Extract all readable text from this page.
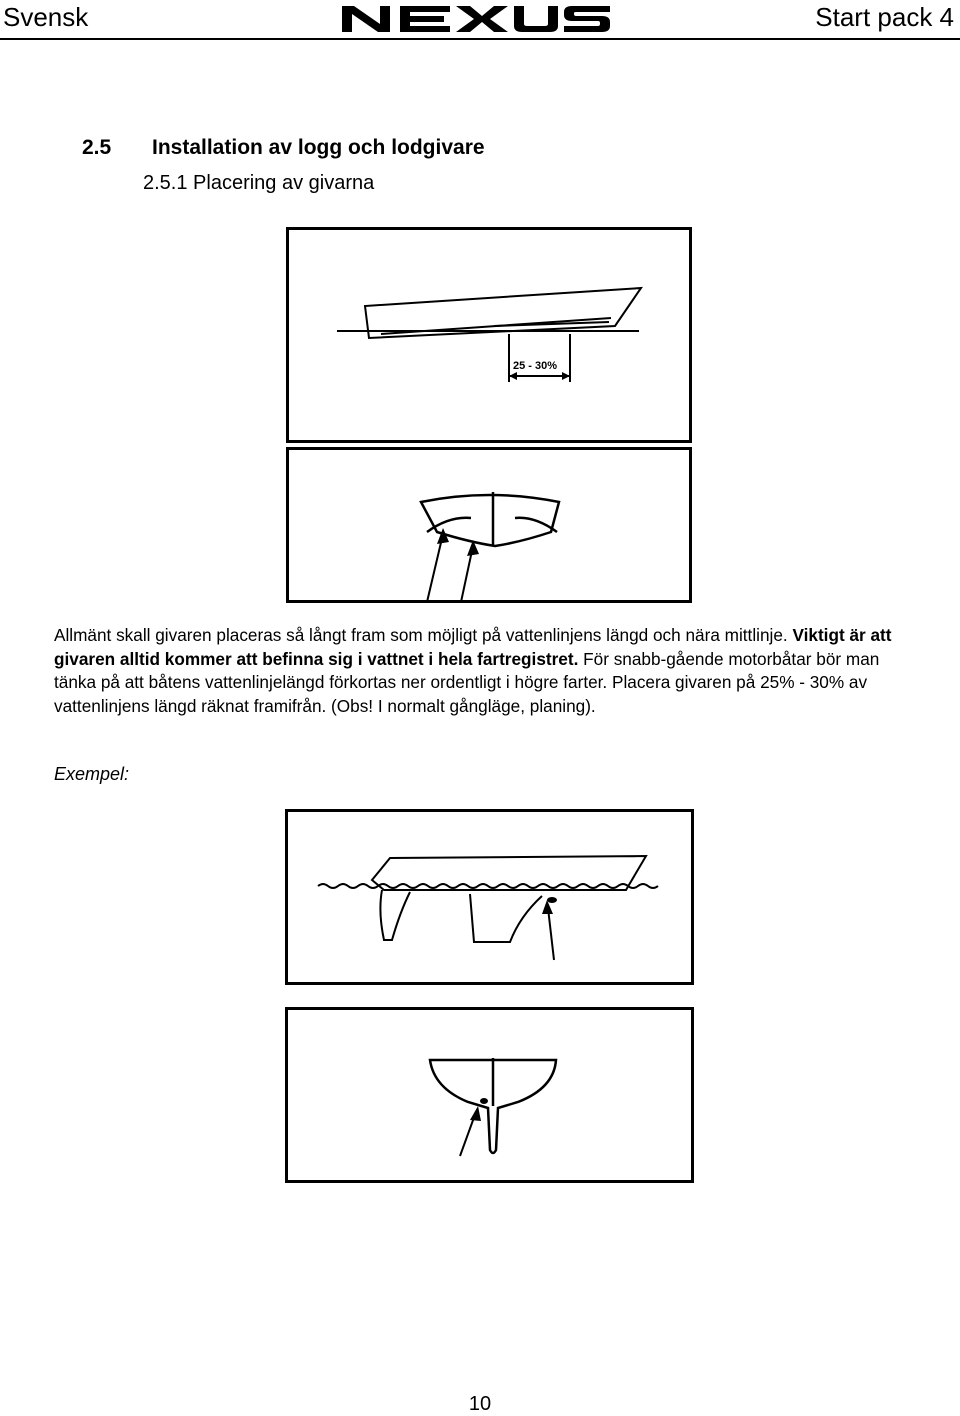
Svensk	Start pack 4
2.5 Installation av logg och lodgivare
2.5.1 Placering av givarna
25 - 30%
Allmänt skall givaren placeras så långt fram som möjligt på vattenlinjens längd och nära mittlinje. Viktigt är att givaren alltid kommer att befinna sig i vattnet i hela fartregistret. För snabb-gående motorbåtar bör man tänka på att båtens vattenlinjelängd förkortas ner ordentligt i högre farter. Placera givaren på 25% - 30% av vattenlinjens längd räknat framifrån. (Obs! I normalt gångläge, planing).
Exempel:
10
